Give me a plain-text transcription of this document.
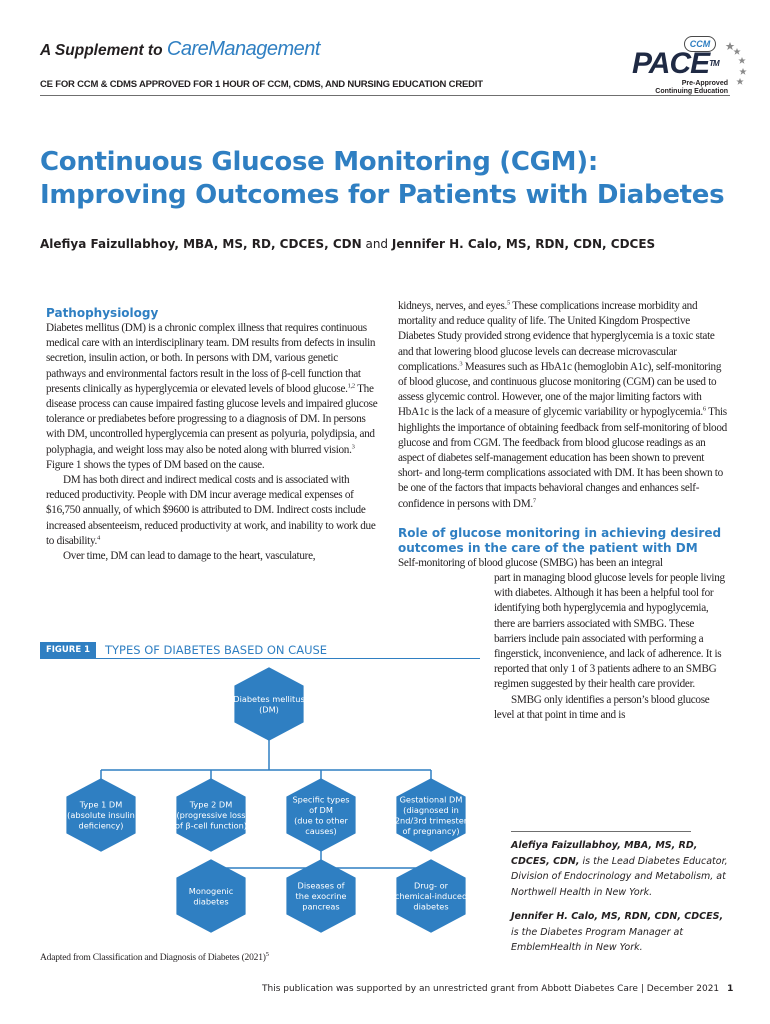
A Supplement to CareManagement
CE FOR CCM & CDMS APPROVED FOR 1 HOUR OF CCM, CDMS, AND NURSING EDUCATION CREDIT
CCM
PACE™
Pre-Approved
Continuing Education
Continuous Glucose Monitoring (CGM):
Improving Outcomes for Patients with Diabetes
Alefiya Faizullabhoy, MBA, MS, RD, CDCES, CDN and Jennifer H. Calo, MS, RDN, CDN, CDCES
Pathophysiology

Diabetes mellitus (DM) is a chronic complex illness that requires continuous medical care with an interdisciplinary team. DM results from defects in insulin secretion, insulin action, or both. In persons with DM, various genetic pathways and environmental factors result in the loss of β-cell function that presents clinically as hyperglycemia or elevated levels of blood glucose.$^{1,2}$ The disease process can cause impaired fasting glucose levels and impaired glucose tolerance or prediabetes before progressing to a diagnosis of DM. In persons with DM, uncontrolled hyperglycemia can present as polyuria, polydipsia, and polyphagia, and weight loss may also be noted along with blurred vision.$^3$ Figure 1 shows the types of DM based on the cause.

DM has both direct and indirect medical costs and is associated with reduced productivity. People with DM incur average medical expenses of $16,750 annually, of which $9600 is attributed to DM. Indirect costs include increased absenteeism, reduced productivity at work, and inability to work due to disability.$^4$

Over time, DM can lead to damage to the heart, vasculature,

kidneys, nerves, and eyes.$^5$ These complications increase morbidity and mortality and reduce quality of life. The United Kingdom Prospective Diabetes Study provided strong evidence that hyperglycemia is a toxic state and that lowering blood glucose levels can decrease microvascular complications.$^3$ Measures such as HbA1c (hemoglobin A1c), self-monitoring of blood glucose, and continuous glucose monitoring (CGM) can be used to assess glycemic control. However, one of the major limiting factors with HbA1c is the lack of a measure of glycemic variability or hypoglycemia.$^6$ This highlights the importance of obtaining feedback from self-monitoring of blood glucose and from CGM. The feedback from blood glucose readings as an aspect of diabetes self-management education has been shown to prevent short- and long-term complications associated with DM. It has been shown to be one of the factors that impacts behavioral changes and enhances self-confidence in persons with DM.$^7$

Role of glucose monitoring in achieving desired outcomes in the care of the patient with DM

Self-monitoring of blood glucose (SMBG) has been an integral

part in managing blood glucose levels for people living with diabetes. Although it has been a helpful tool for identifying both hyperglycemia and hypoglycemia, there are barriers associated with SMBG. These barriers include pain associated with performing a fingerstick, inconvenience, and lack of adherence. It is reported that only 1 of 3 patients adhere to an SMBG regimen suggested by their health care provider.

SMBG only identifies a person’s blood glucose level at that point in time and is

FIGURE 1	TYPES OF DIABETES BASED ON CAUSE
Diabetes mellitus
(DM)
Type 1 DM
(absolute insulin
deficiency)
Type 2 DM
(progressive loss
of β-cell function)
Specific types
of DM
(due to other
causes)
Gestational DM
(diagnosed in
2nd/3rd trimester
of pregnancy)
Monogenic
diabetes
Diseases of
the exocrine
pancreas
Drug- or
chemical-induced
diabetes
Adapted from Classification and Diagnosis of Diabetes $(2021)^5$
Alefiya Faizullabhoy, MBA, MS, RD, CDCES, CDN, is the Lead Diabetes Educator,
Division of Endocrinology and Metabolism, at Northwell Health in New York.
Jennifer H. Calo, MS, RDN, CDN, CDCES, is the Diabetes Program Manager at EmblemHealth in New York.
This publication was supported by an unrestricted grant from Abbott Diabetes Care | December 2021 1
